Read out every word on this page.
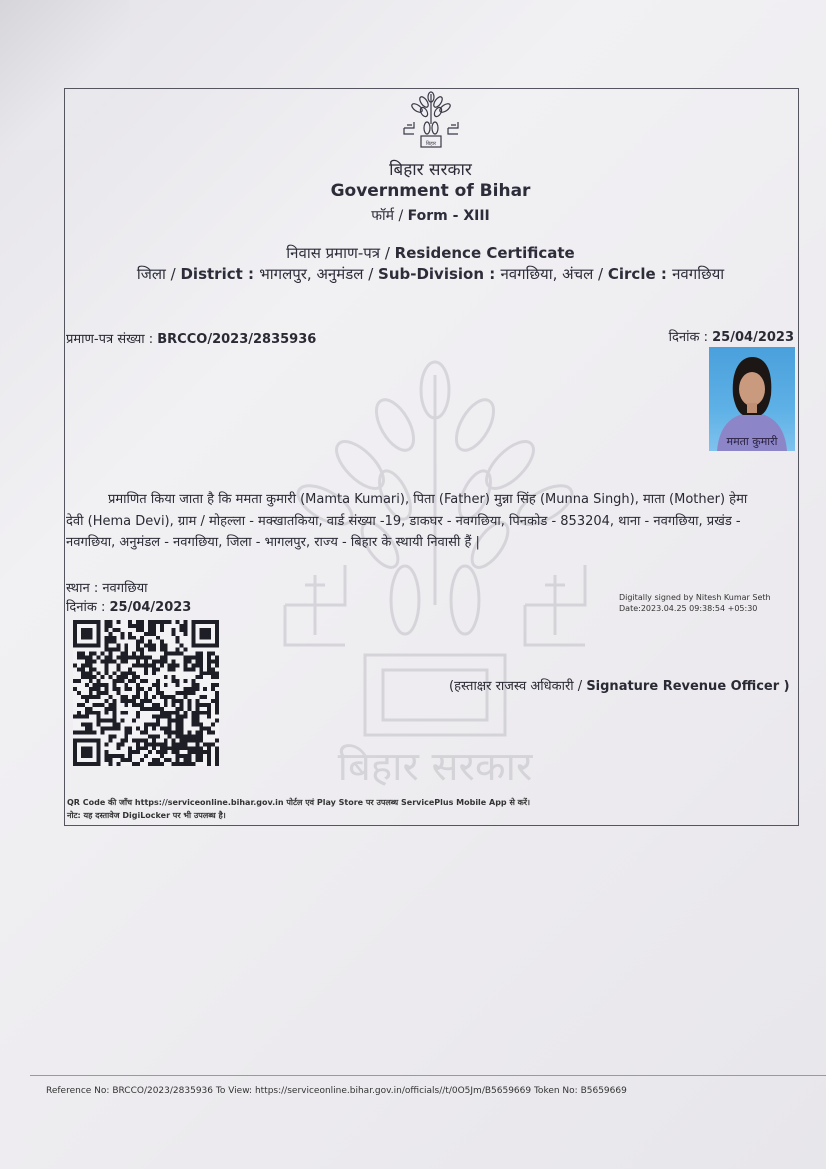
बिहार सरकार
बिहार
बिहार सरकार
Government of Bihar
फॉर्म / Form - XIII
निवास प्रमाण-पत्र / Residence Certificate
जिला / District : भागलपुर, अनुमंडल / Sub-Division : नवगछिया, अंचल / Circle : नवगछिया
प्रमाण-पत्र संख्या : BRCCO/2023/2835936	दिनांक : 25/04/2023
ममता कुमारी
प्रमाणित किया जाता है कि ममता कुमारी (Mamta Kumari), पिता (Father) मुन्ना सिंह (Munna Singh), माता (Mother) हेमा
देवी (Hema Devi), ग्राम / मोहल्ला - मक्खातकिया, वार्ड संख्या -19, डाकघर - नवगछिया, पिनकोड - 853204, थाना - नवगछिया, प्रखंड -
नवगछिया, अनुमंडल - नवगछिया, जिला - भागलपुर, राज्य - बिहार के स्थायी निवासी हैं |
स्थान : नवगछिया
दिनांक : 25/04/2023
Digitally signed by Nitesh Kumar Seth
Date:2023.04.25 09:38:54 +05:30
(हस्ताक्षर राजस्व अधिकारी / Signature Revenue Officer )
QR Code की जाँच https://serviceonline.bihar.gov.in पोर्टल एवं Play Store पर उपलब्ध ServicePlus Mobile App से करें।
नोट: यह दस्तावेज DigiLocker पर भी उपलब्ध है।
Reference No: BRCCO/2023/2835936 To View: https://serviceonline.bihar.gov.in/officials//t/0O5Jm/B5659669 Token No: B5659669
